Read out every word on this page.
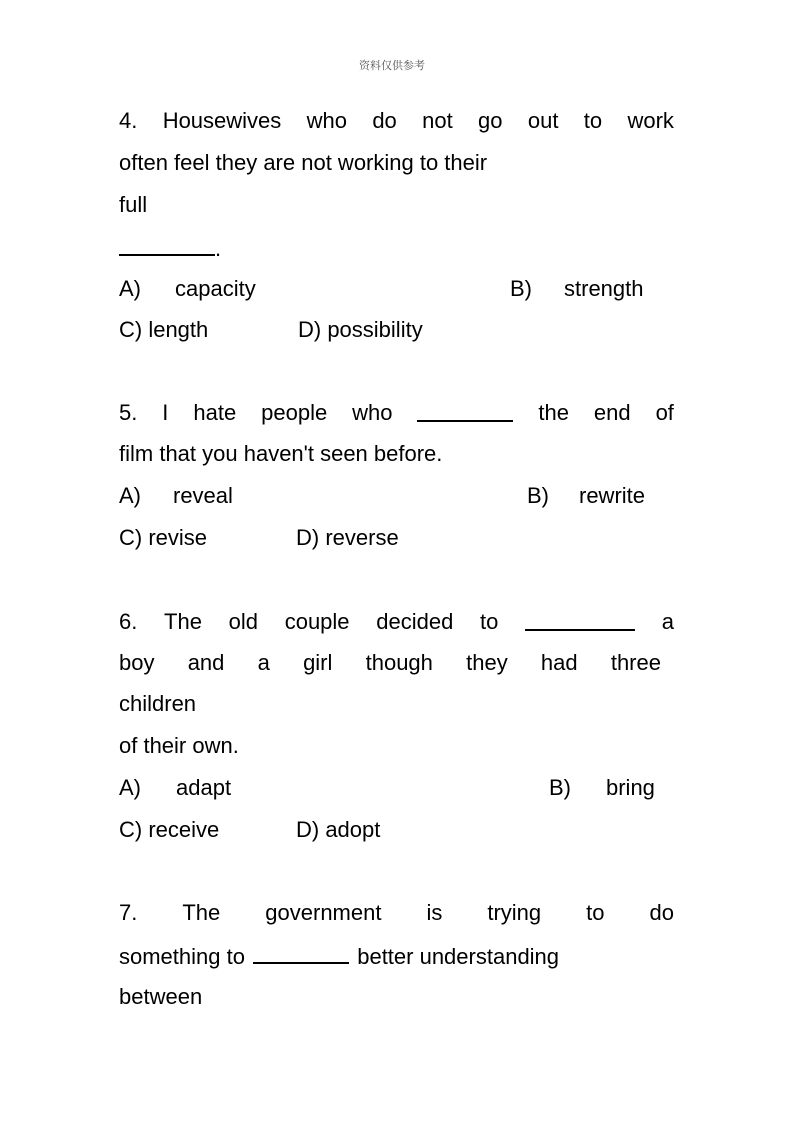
资料仅供参考
4. Housewives who do not go out to work
often feel they are not working to their
full
.
A) capacity	B) strength
C) length	D) possibility
5. I hate people who	the end of
film that you haven't seen before.
A) reveal	B) rewrite
C) revise	D) reverse
6. The old couple decided to	a
boy and a girl though they had three
children
of their own.
A) adapt	B) bring
C) receive	D) adopt
7. The government is trying to do
something to	better understanding
between
